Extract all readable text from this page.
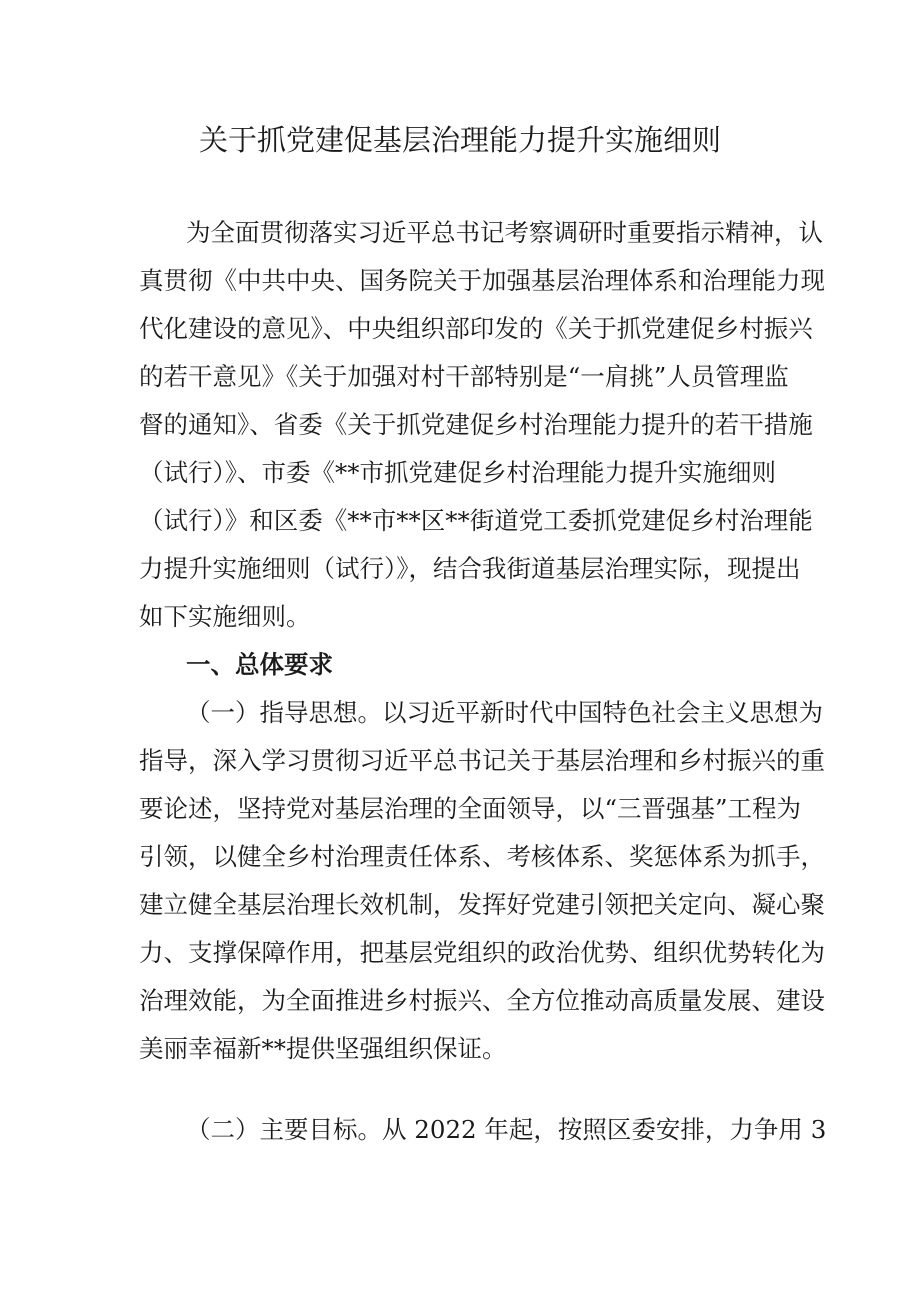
关于抓党建促基层治理能力提升实施细则

为全面贯彻落实习近平总书记考察调研时重要指示精神，认

真贯彻《中共中央、国务院关于加强基层治理体系和治理能力现

代化建设的意见》、中央组织部印发的《关于抓党建促乡村振兴

的若干意见》《关于加强对村干部特别是“一肩挑”人员管理监

督的通知》、省委《关于抓党建促乡村治理能力提升的若干措施

（试行）》、市委《**市抓党建促乡村治理能力提升实施细则

（试行）》和区委《**市**区**街道党工委抓党建促乡村治理能

力提升实施细则（试行）》，结合我街道基层治理实际，现提出

如下实施细则。

一、总体要求

（一）指导思想。以习近平新时代中国特色社会主义思想为

指导，深入学习贯彻习近平总书记关于基层治理和乡村振兴的重

要论述，坚持党对基层治理的全面领导，以“三晋强基”工程为

引领，以健全乡村治理责任体系、考核体系、奖惩体系为抓手，

建立健全基层治理长效机制，发挥好党建引领把关定向、凝心聚

力、支撑保障作用，把基层党组织的政治优势、组织优势转化为

治理效能，为全面推进乡村振兴、全方位推动高质量发展、建设

美丽幸福新**提供坚强组织保证。

（二）主要目标。从 2022 年起，按照区委安排，力争用 3
